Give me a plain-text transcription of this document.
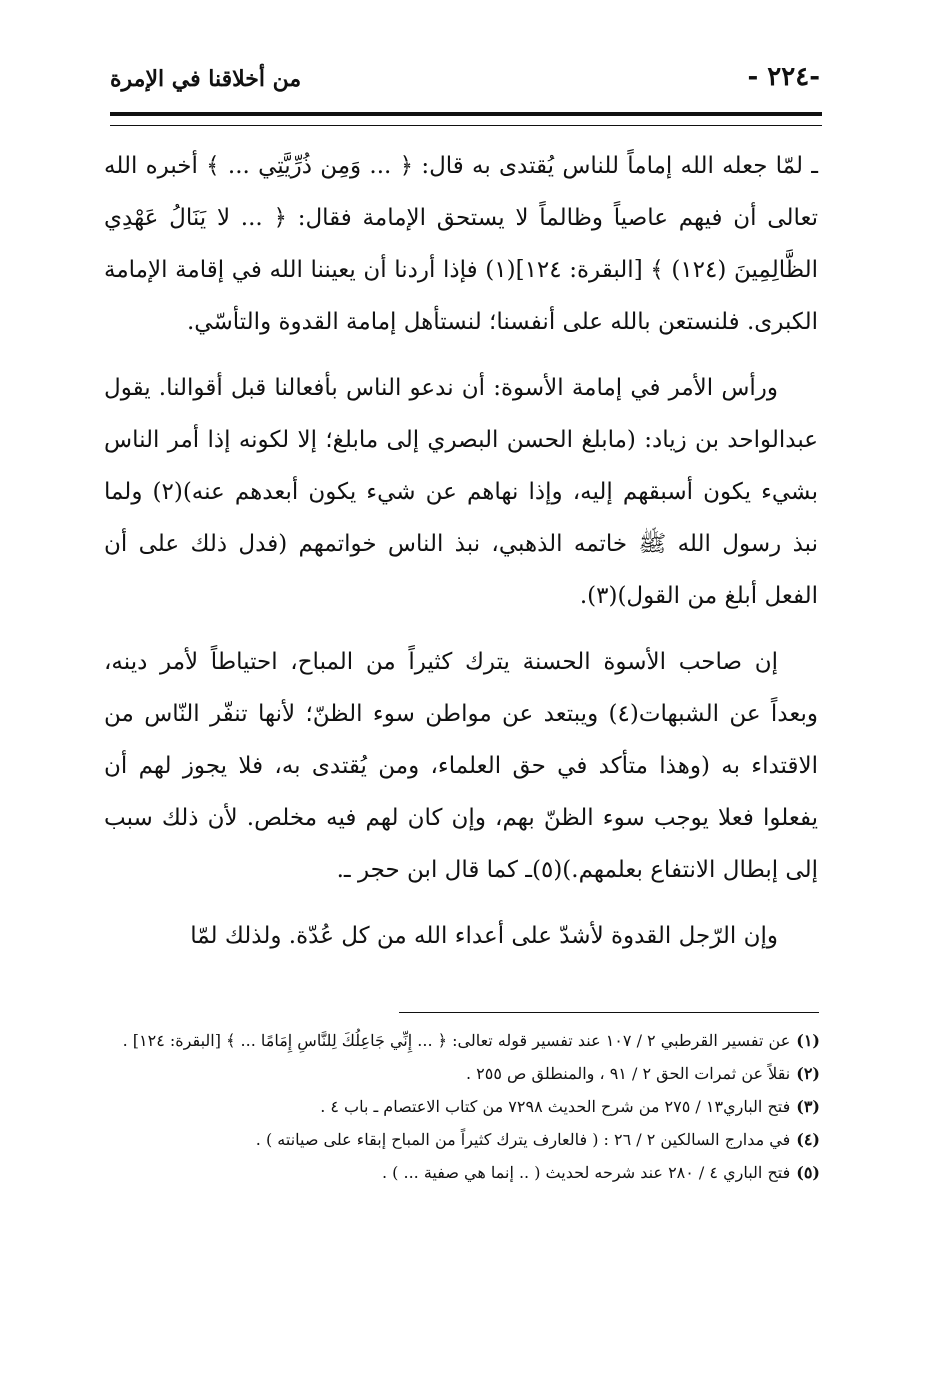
-٢٢٤ -
من أخلاقنا في الإمرة

ـ لمّا جعله الله إماماً للناس يُقتدى به قال: ﴿ ... وَمِن ذُرِّيَّتِي ... ﴾ أخبره الله تعالى أن فيهم عاصياً وظالماً لا يستحق الإمامة فقال: ﴿ ... لا يَنَالُ عَهْدِي الظَّالِمِينَ (١٢٤) ﴾ [البقرة: ١٢٤](١) فإذا أردنا أن يعيننا الله في إقامة الإمامة الكبرى. فلنستعن بالله على أنفسنا؛ لنستأهل إمامة القدوة والتأسّي.

ورأس الأمر في إمامة الأسوة: أن ندعو الناس بأفعالنا قبل أقوالنا. يقول عبدالواحد بن زياد: (مابلغ الحسن البصري إلى مابلغ؛ إلا لكونه إذا أمر الناس بشيء يكون أسبقهم إليه، وإذا نهاهم عن شيء يكون أبعدهم عنه)(٢) ولما نبذ رسول الله ﷺ خاتمه الذهبي، نبذ الناس خواتمهم (فدل ذلك على أن الفعل أبلغ من القول)(٣).

إن صاحب الأسوة الحسنة يترك كثيراً من المباح، احتياطاً لأمر دينه، وبعداً عن الشبهات(٤) ويبتعد عن مواطن سوء الظنّ؛ لأنها تنفّر النّاس من الاقتداء به (وهذا متأكد في حق العلماء، ومن يُقتدى به، فلا يجوز لهم أن يفعلوا فعلا يوجب سوء الظنّ بهم، وإن كان لهم فيه مخلص. لأن ذلك سبب إلى إبطال الانتفاع بعلمهم.)(٥)ـ كما قال ابن حجر ـ.

وإن الرّجل القدوة لأشدّ على أعداء الله من كل عُدّة. ولذلك لمّا

(١)عن تفسير القرطبي ٢ / ١٠٧ عند تفسير قوله تعالى: ﴿ ... إِنِّي جَاعِلُكَ لِلنَّاسِ إِمَامًا ... ﴾ [البقرة: ١٢٤] .

(٢)نقلاً عن ثمرات الحق ٢ / ٩١ ، والمنطلق ص ٢٥٥ .

(٣)فتح الباري١٣ / ٢٧٥ من شرح الحديث ٧٢٩٨ من كتاب الاعتصام ـ باب ٤ .

(٤)في مدارج السالكين ٢ / ٢٦ : ( فالعارف يترك كثيراً من المباح إبقاء على صيانته ) .

(٥)فتح الباري ٤ / ٢٨٠ عند شرحه لحديث ( .. إنما هي صفية ... ) .
